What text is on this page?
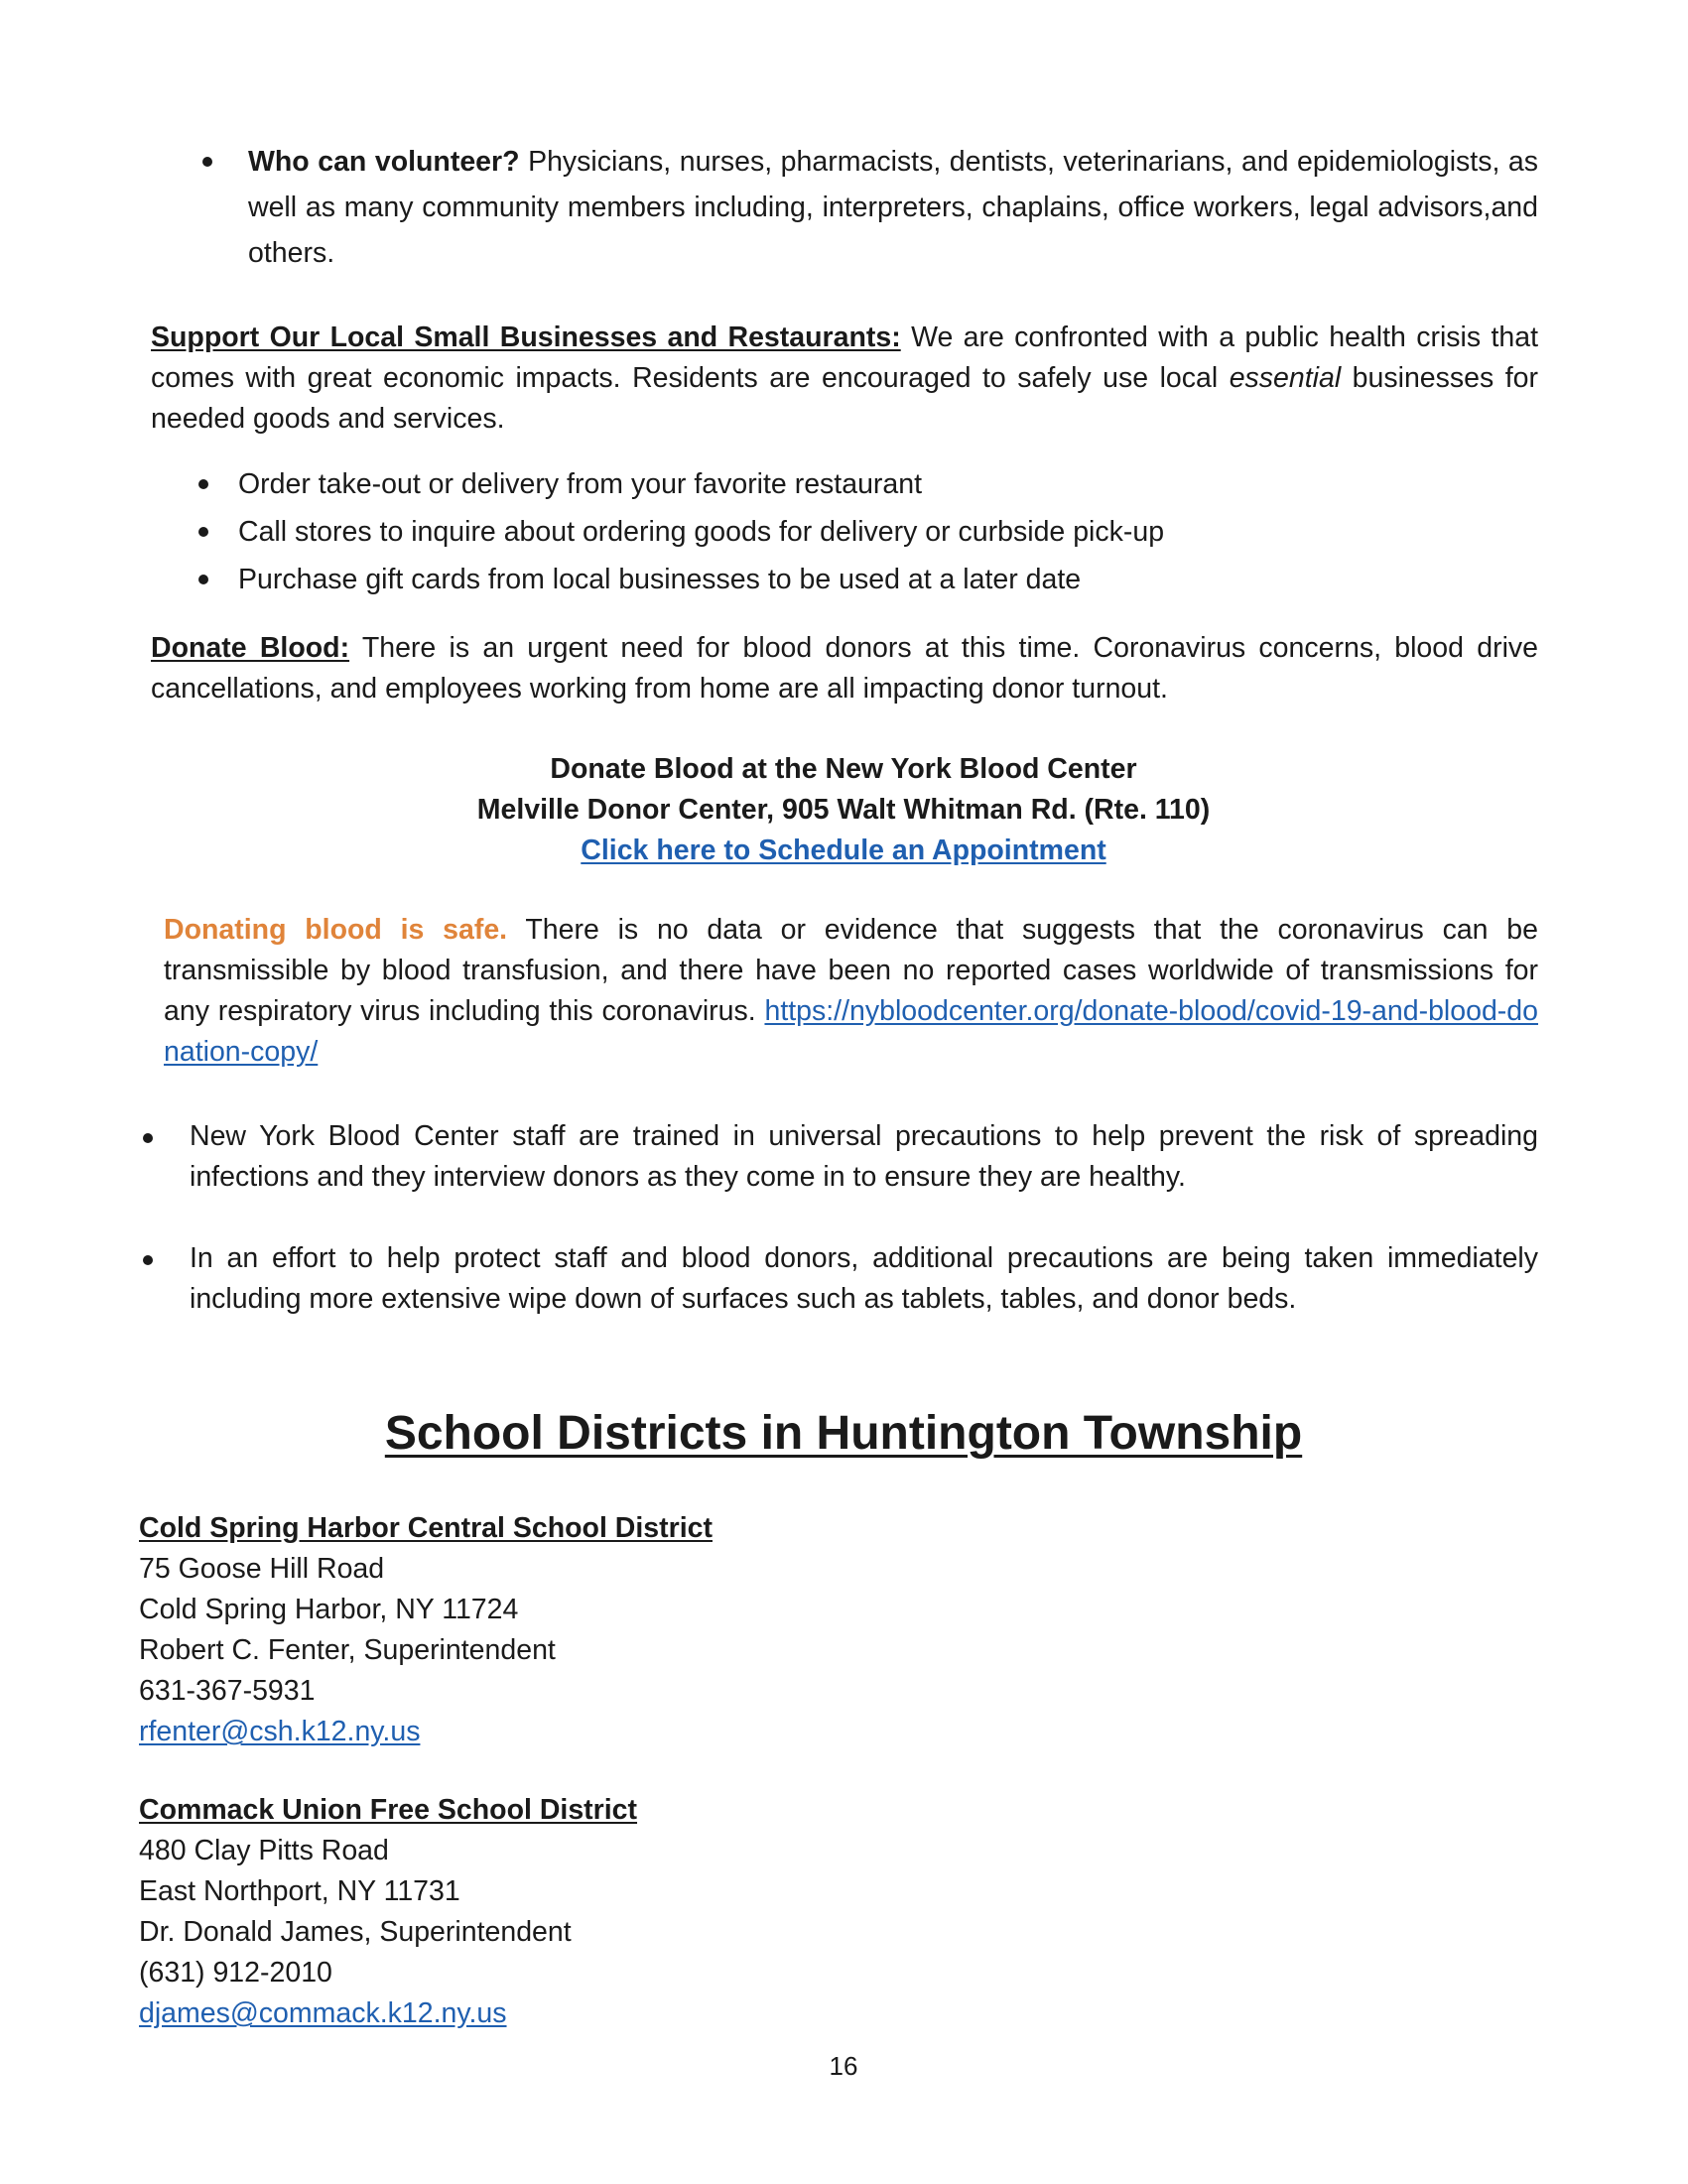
Who can volunteer? Physicians, nurses, pharmacists, dentists, veterinarians, and epidemiologists, as well as many community members including, interpreters, chaplains, office workers, legal advisors,and others.
Support Our Local Small Businesses and Restaurants: We are confronted with a public health crisis that comes with great economic impacts. Residents are encouraged to safely use local essential businesses for needed goods and services.
Order take-out or delivery from your favorite restaurant
Call stores to inquire about ordering goods for delivery or curbside pick-up
Purchase gift cards from local businesses to be used at a later date
Donate Blood: There is an urgent need for blood donors at this time. Coronavirus concerns, blood drive cancellations, and employees working from home are all impacting donor turnout.
Donate Blood at the New York Blood Center
Melville Donor Center, 905 Walt Whitman Rd. (Rte. 110)
Click here to Schedule an Appointment
Donating blood is safe. There is no data or evidence that suggests that the coronavirus can be transmissible by blood transfusion, and there have been no reported cases worldwide of transmissions for any respiratory virus including this coronavirus. https://nybloodcenter.org/donate-blood/covid-19-and-blood-donation-copy/
New York Blood Center staff are trained in universal precautions to help prevent the risk of spreading infections and they interview donors as they come in to ensure they are healthy.
In an effort to help protect staff and blood donors, additional precautions are being taken immediately including more extensive wipe down of surfaces such as tablets, tables, and donor beds.
School Districts in Huntington Township
Cold Spring Harbor Central School District
75 Goose Hill Road
Cold Spring Harbor, NY 11724
Robert C. Fenter, Superintendent
631-367-5931
rfenter@csh.k12.ny.us
Commack Union Free School District
480 Clay Pitts Road
East Northport, NY 11731
Dr. Donald James, Superintendent
(631) 912-2010
djames@commack.k12.ny.us
16
